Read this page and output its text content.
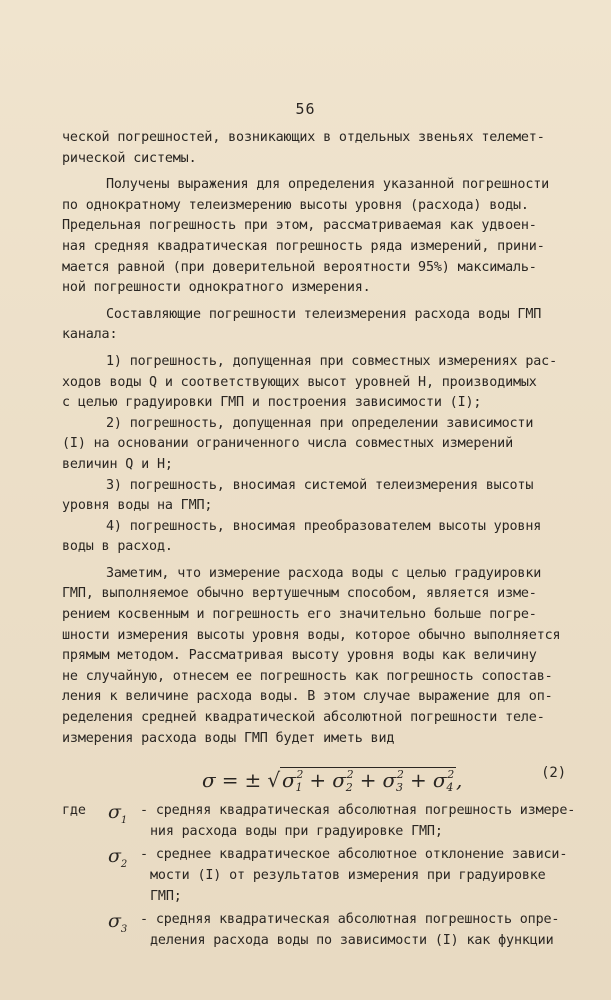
56

ческой погрешностей, возникающих в отдельных звеньях телемет-
рической системы.

Получены выражения для определения указанной погрешности
по однократному телеизмерению высоты уровня (расхода) воды.
Предельная погрешность при этом, рассматриваемая как удвоен-
ная средняя квадратическая погрешность ряда измерений, прини-
мается равной (при доверительной вероятности 95%) максималь-
ной погрешности однократного измерения.

Составляющие погрешности телеизмерения расхода воды ГМП
канала:

1) погрешность, допущенная при совместных измерениях рас-
ходов воды Q и соответствующих высот уровней Н, производимых
с целью градуировки ГМП и построения зависимости (I);
2) погрешность, допущенная при определении зависимости
(I) на основании ограниченного числа совместных измерений
величин Q и Н;
3) погрешность, вносимая системой телеизмерения высоты
уровня воды на ГМП;
4) погрешность, вносимая преобразователем высоты уровня
воды в расход.

Заметим, что измерение расхода воды с целью градуировки
ГМП, выполняемое обычно вертушечным способом, является изме-
рением косвенным и погрешность его значительно больше погре-
шности измерения высоты уровня воды, которое обычно выполняется
прямым методом. Рассматривая высоту уровня воды как величину
не случайную, отнесем ее погрешность как погрешность сопостав-
ления к величине расхода воды. В этом случае выражение для оп-
ределения средней квадратической абсолютной погрешности теле-
измерения расхода воды ГМП будет иметь вид

σ = ± √ $\sigma_1^2 + \sigma_2^2 + \sigma_3^2 + \sigma_4^2$ ,	(2)
где	$\sigma_1$
- средняя квадратическая абсолютная погрешность измере-
ния расхода воды при градуировке ГМП;
$\sigma_2$
- среднее квадратическое абсолютное отклонение зависи-
мости (I) от результатов измерения при градуировке
ГМП;
$\sigma_3$
- средняя квадратическая абсолютная погрешность опре-
деления расхода воды по зависимости (I) как функции
